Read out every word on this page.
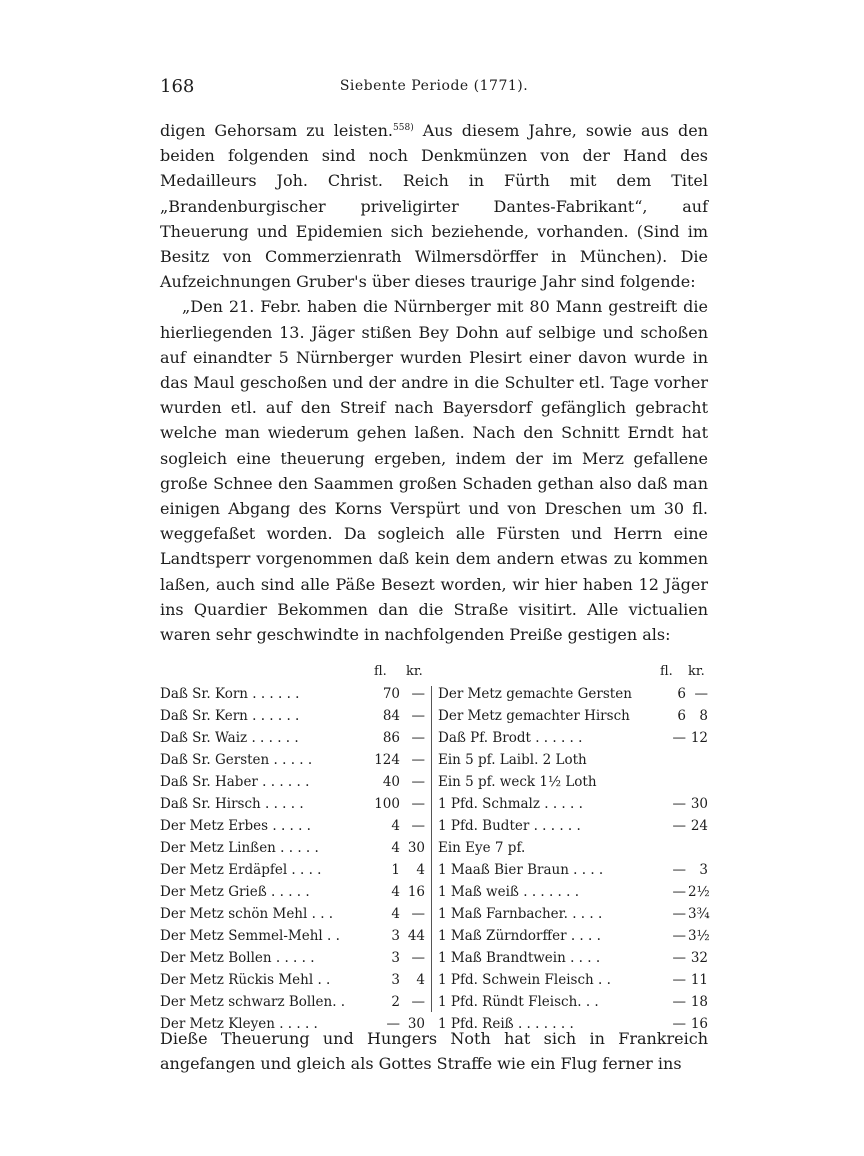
168	Siebente Periode (1771).

digen Gehorsam zu leisten.$^{558)}$ Aus diesem Jahre, sowie aus den beiden folgenden sind noch Denkmünzen von der Hand des Medailleurs Joh. Christ. Reich in Fürth mit dem Titel „Brandenburgischer priveligirter Dantes-Fabrikant“, auf Theuerung und Epidemien sich beziehende, vorhanden. (Sind im Besitz von Commerzienrath Wilmersdörffer in München). Die Aufzeichnungen Gruber's über dieses traurige Jahr sind folgende:

„Den 21. Febr. haben die Nürnberger mit 80 Mann gestreift die hierliegenden 13. Jäger stißen Bey Dohn auf selbige und schoßen auf einandter 5 Nürnberger wurden Plesirt einer davon wurde in das Maul geschoßen und der andre in die Schulter etl. Tage vorher wurden etl. auf den Streif nach Bayersdorf gefänglich gebracht welche man wiederum gehen laßen. Nach den Schnitt Erndt hat sogleich eine theuerung ergeben, indem der im Merz gefallene große Schnee den Saammen großen Schaden gethan also daß man einigen Abgang des Korns Verspürt und von Dreschen um 30 fl. weggefaßet worden. Da sogleich alle Fürsten und Herrn eine Landtsperr vorgenommen daß kein dem andern etwas zu kommen laßen, auch sind alle Päße Besezt worden, wir hier haben 12 Jäger ins Quardier Bekommen dan die Straße visitirt. Alle victualien waren sehr geschwindte in nachfolgenden Preiße gestigen als:

fl. kr.
Daß Sr. Korn . . . . . .	70 —
Daß Sr. Kern . . . . . .	84 —
Daß Sr. Waiz . . . . . .	86 —
Daß Sr. Gersten . . . . .	124 —
Daß Sr. Haber . . . . . .	40 —
Daß Sr. Hirsch . . . . .	100 —
Der Metz Erbes . . . . .	4 —
Der Metz Linßen . . . . .	4 30
Der Metz Erdäpfel . . . .	1	4
Der Metz Grieß . . . . .	4 16
Der Metz schön Mehl . . .	4 —
Der Metz Semmel-Mehl . .	3 44
Der Metz Bollen . . . . .	3 —
Der Metz Rückis Mehl . .	3	4
Der Metz schwarz Bollen. .	2 —
Der Metz Kleyen . . . . .	— 30
fl. kr.
Der Metz gemachte Gersten	6 —
Der Metz gemachter Hirsch	6 8
Daß Pf. Brodt . . . . . .	— 12
Ein 5 pf. Laibl. 2 Loth
Ein 5 pf. weck 1½ Loth
1 Pfd. Schmalz . . . . .	— 30
1 Pfd. Budter . . . . . .	— 24
Ein Eye 7 pf.
1 Maaß Bier Braun . . . .	— 3
1 Maß weiß . . . . . . .	— 2½
1 Maß Farnbacher. . . . .	— 3¾
1 Maß Zürndorffer . . . .	— 3½
1 Maß Brandtwein . . . .	— 32
1 Pfd. Schwein Fleisch . .	— 11
1 Pfd. Ründt Fleisch. . .	— 18
1 Pfd. Reiß . . . . . . .	— 16
Dieße Theuerung und Hungers Noth hat sich in Frankreich angefangen und gleich als Gottes Straffe wie ein Flug ferner ins
